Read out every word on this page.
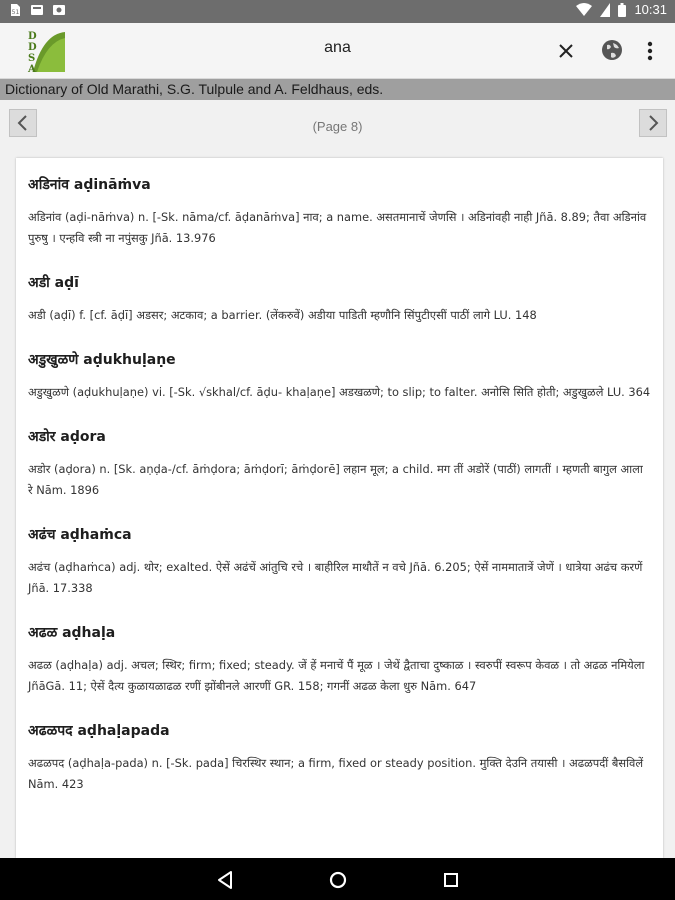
51	10:31
D
D
S
A
ana
Dictionary of Old Marathi, S.G. Tulpule and A. Feldhaus, eds.
(Page 8)
अडिनांव aḍināṁva
अडिनांव (aḍi-nāṁva) n. [-Sk. nāma/cf. āḍanāṁva] नाव; a name. असतमानाचें जेणसि । अडिनांवही नाही Jñā. 8.89; तैवा अडिनांव पुरुषु । एन्हवि स्त्री ना नपुंसकु Jñā. 13.976
अडी aḍī
अडी (aḍī) f. [cf. āḍī] अडसर; अटकाव; a barrier. (लेंकरुवें) अडीया पाडिती म्हणौनि सिंपुटीएसीं पाठीं लागे LU. 148
अडुखुळणे aḍukhuḷaṇe
अडुखुळणे (aḍukhuḷaṇe) vi. [-Sk. √skhal/cf. āḍu- khaḷaṇe] अडखळणे; to slip; to falter. अनोसि सिति होती; अडुखुळले LU. 364
अडोर aḍora
अडोर (aḍora) n. [Sk. aṇḍa-/cf. āṁḍora; āṁḍorī; āṁḍorē] लहान मूल; a child. मग तीं अडोरें (पाठीं) लागतीं । म्हणती बागुल आला रे Nām. 1896
अढंच aḍhaṁca
अढंच (aḍhaṁca) adj. थोर; exalted. ऐसें अढंचें आंतुचि रचे । बाहीरिल माथौतें न वचे Jñā. 6.205; ऐसें नाममातात्रें जेणें । धात्रेया अढंच करणें Jñā. 17.338
अढळ aḍhaḷa
अढळ (aḍhaḷa) adj. अचल; स्थिर; firm; fixed; steady. जें हें मनाचें पैं मूळ । जेथें द्वैताचा दुष्काळ । स्वरुपीं स्वरूप केवळ । तो अढळ नमियेला JñāGā. 11; ऐसें दैत्य कुळायळाढळ रणीं झोंबीनले आरणीं GR. 158; गगनीं अढळ केला धुरु Nām. 647
अढळपद aḍhaḷapada
अढळपद (aḍhaḷa-pada) n. [-Sk. pada] चिरस्थिर स्थान; a firm, fixed or steady position. मुक्ति देउनि तयासी । अढळपदीं बैसविलें Nām. 423
